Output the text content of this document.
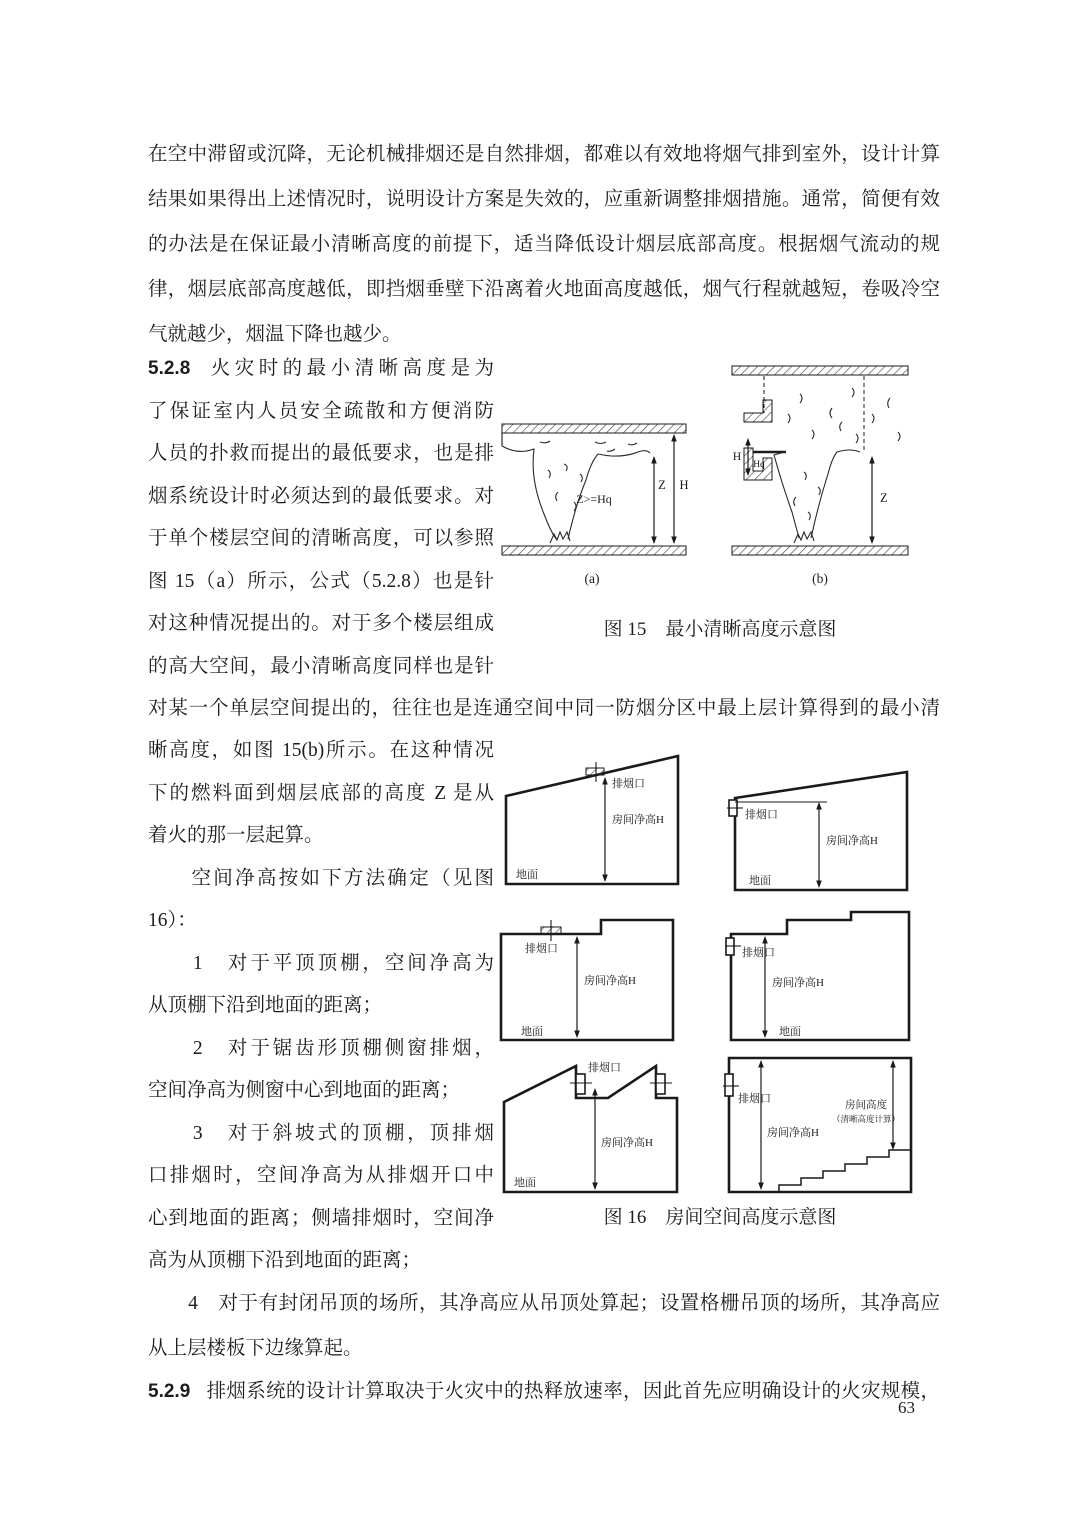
在空中滞留或沉降，无论机械排烟还是自然排烟，都难以有效地将烟气排到室外，设计计算
结果如果得出上述情况时，说明设计方案是失效的，应重新调整排烟措施。通常，简便有效
的办法是在保证最小清晰高度的前提下，适当降低设计烟层底部高度。根据烟气流动的规
律，烟层底部高度越低，即挡烟垂壁下沿离着火地面高度越低，烟气行程就越短，卷吸冷空
气就越少，烟温下降也越少。
5.2.8 火灾时的最小清晰高度是为
了保证室内人员安全疏散和方便消防
人员的扑救而提出的最低要求，也是排
烟系统设计时必须达到的最低要求。对
于单个楼层空间的清晰高度，可以参照
图 15（a）所示，公式（5.2.8）也是针
对这种情况提出的。对于多个楼层组成
的高大空间，最小清晰高度同样也是针
对某一个单层空间提出的，往往也是连通空间中同一防烟分区中最上层计算得到的最小清
晰高度，如图 15(b)所示。在这种情况
下的燃料面到烟层底部的高度 Z 是从
着火的那一层起算。
　　空间净高按如下方法确定（见图
16）：
　　1　对于平顶顶棚，空间净高为
从顶棚下沿到地面的距离；
　　2　对于锯齿形顶棚侧窗排烟，
空间净高为侧窗中心到地面的距离；
　　3　对于斜坡式的顶棚，顶排烟
口排烟时，空间净高为从排烟开口中
心到地面的距离；侧墙排烟时，空间净
高为从顶棚下沿到地面的距离；
　　4　对于有封闭吊顶的场所，其净高应从吊顶处算起；设置格栅吊顶的场所，其净高应
从上层楼板下边缘算起。
5.2.9 排烟系统的设计计算取决于火灾中的热释放速率，因此首先应明确设计的火灾规模，
63
Z H
Z>=Hq
(a)
H
Hq
Z
(b)
图 15　最小清晰高度示意图
排烟口
房间净高H
地面
排烟口
房间净高H
地面
排烟口
房间净高H
地面
排烟口
房间净高H
地面
排烟口
房间净高H
地面
排烟口
房间净高H
房间高度
（清晰高度计算）
图 16　房间空间高度示意图
